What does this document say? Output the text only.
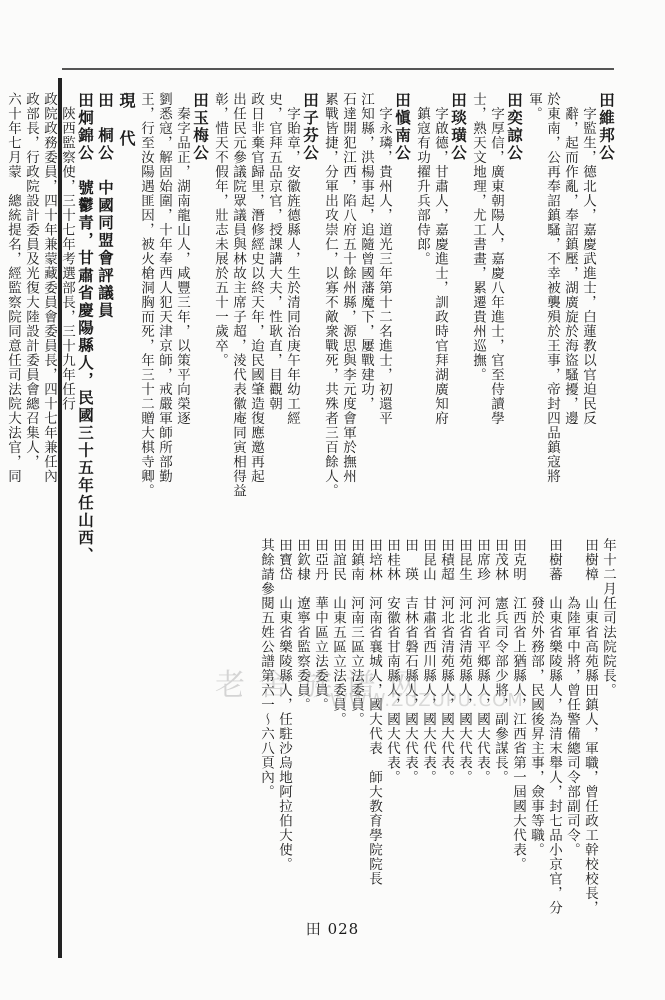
田維邦公
　字監生，德北人，嘉慶武進士，白蓮教以官迫民反
　辭，起而作亂，奉詔鎮壓，湖廣旋於海盜騷擾，邊
於東南，公再奉詔鎮騷，不幸被襲殞於王事，帝封四品鎮寇將
軍。
田奕諒公
　字厚信，廣東朝陽人，嘉慶八年進士，官至侍讀學
士，熟天文地理，尤工書畫，累遷貴州巡撫。
田琰璜公
　字啟德，甘肅人，嘉慶進士，訓政時官拜湖廣知府
　鎮寇有功擢升兵部侍郎。
田愼南公
　字永璘，貴州人，道光三年第十二名進士，初還平
江知縣，洪楊事起，追隨曾國藩魔下，屢戰建功，
石達開犯江西，陷八府五十餘州縣，源思與李元度會軍於撫州
累戰皆捷，分軍出攻崇仁，以寡不敵衆戰死，共殊者三百餘人。
田子芬公
　字貽章，安徽旌德縣人，生於清同治庚午年幼工經
史，官拜五品京官，授課講大夫，性耿直，目觀朝
政日非棄官歸里，潛修經史以終天年，迨民國肇造復應邀再起
出任民元參議院眾議員與林故主席子超，淩代表徽庵同寅相得益
彰，惜天不假年，壯志未展於五十一歲卒。
田玉梅公
　秦字品正，湖南龍山人，咸豐三年，以策平向榮逐
劉悉寇，解固始圍，十年奉西人犯天津京師，戒嚴軍師所部勤
王，行至汝陽遇匪因，被火槍洞胸而死，年三十二贈大棋寺卿。
現　代
田　桐公　中國同盟會評議員
田炯錦公　號鬱青，甘肅省慶陽縣人，民國三十五年任山西、
　陝西監察使，三十七年考選部長，三十九年任行
政院政務委員，四十年兼蒙藏委員會委員長，四十七年兼任內
政部長，行政院設計委員及光復大陸設計委員會總召集人，
六十年七月蒙　總統提名，經監察院同意任司法院大法官，同
年十二月任司法院院長。
田樹樟　山東省高苑縣田鎮人，軍職，曾任政工幹校校長，
　　　　為陸軍中將，曾任警備總司令部副司令。
田樹蕃　山東省樂陵縣人，為清末舉人，封七品小京官，分
　　　　發於外務部，民國後昇主事，僉事等職。
田克明　江西省上猶縣人，江西省第一屆國大代表。
田茂林　憲兵司令部少將，副參謀長。
田席珍　河北省平鄉縣人，國大代表。
田昆生　河北省清苑縣人，國大代表。
田積超　河北省清苑縣人，國大代表。
田昆山　甘肅省西川縣人，國大代表。
田　瑛　吉林省磐石縣人，國大代表。
田桂林　安徽省甘南縣人，國大代表。
田培林　河南省襄城人，國大代表　師大教育學院院長
田鎮南　河南三區立法委員。
田誼民　山東五區立法委員。
田亞丹　華中區立法委員。
田欽棣　遼寧省監察委員。
田寶岱　山東省樂陵縣人，任駐沙烏地阿拉伯大使。
其餘請參閱五姓公譜第六一～六八頁內。
老 舍 族 谱 网
WWW.ZUZUPU.COM
田 028
